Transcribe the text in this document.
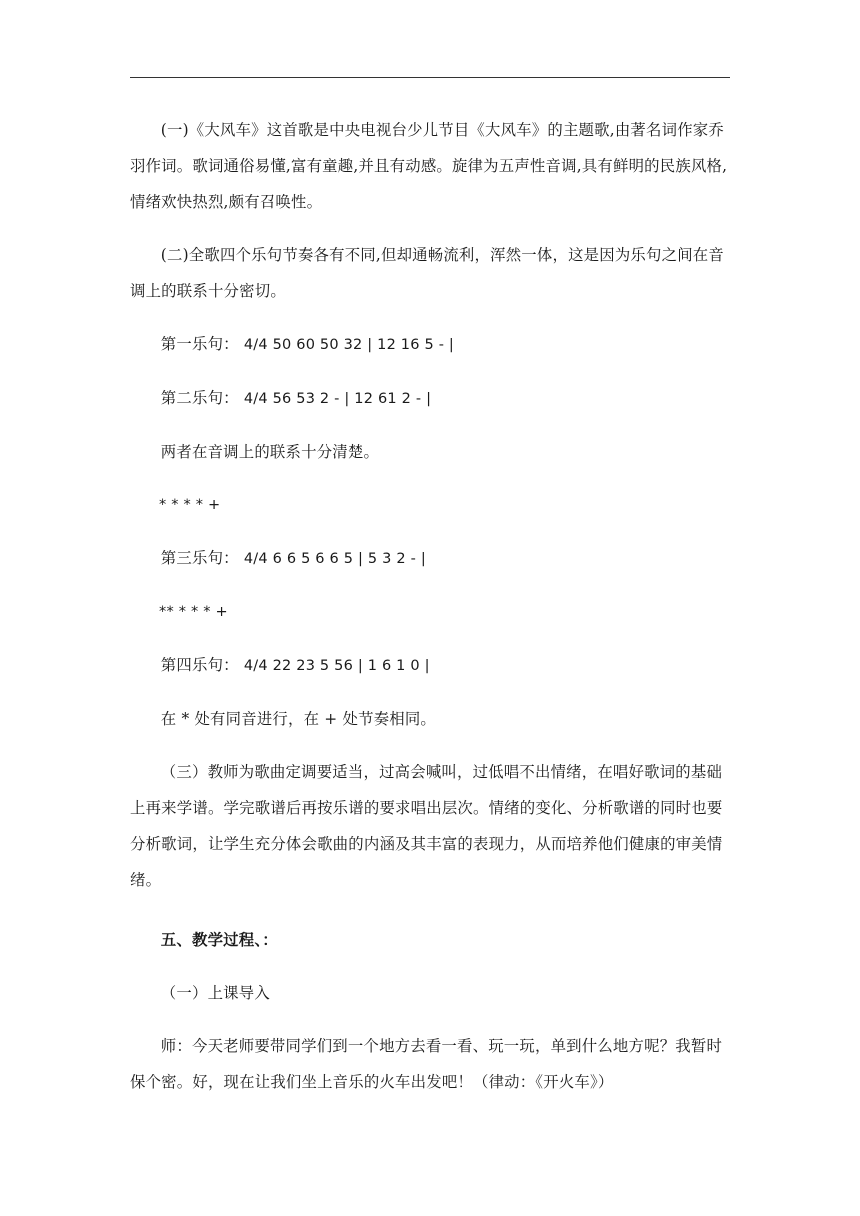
(一)《大风车》这首歌是中央电视台少儿节目《大风车》的主题歌,由著名词作家乔羽作词。歌词通俗易懂,富有童趣,并且有动感。旋律为五声性音调,具有鲜明的民族风格,情绪欢快热烈,颇有召唤性。

(二)全歌四个乐句节奏各有不同,但却通畅流利，浑然一体，这是因为乐句之间在音调上的联系十分密切。

第一乐句： 4/4 50 60 50 32 | 12 16 5 - |

第二乐句： 4/4 56 53 2 - | 12 61 2 - |

两者在音调上的联系十分清楚。

* * * * +

第三乐句： 4/4 6 6 5 6 6 5 | 5 3 2 - |

** * * * +

第四乐句： 4/4 22 23 5 56 | 1 6 1 0 |

在 * 处有同音进行，在 + 处节奏相同。

（三）教师为歌曲定调要适当，过高会喊叫，过低唱不出情绪，在唱好歌词的基础上再来学谱。学完歌谱后再按乐谱的要求唱出层次。情绪的变化、分析歌谱的同时也要分析歌词，让学生充分体会歌曲的内涵及其丰富的表现力，从而培养他们健康的审美情绪。

五、教学过程、：

（一）上课导入

师：今天老师要带同学们到一个地方去看一看、玩一玩，单到什么地方呢？我暂时保个密。好，现在让我们坐上音乐的火车出发吧！（律动：《开火车》）
